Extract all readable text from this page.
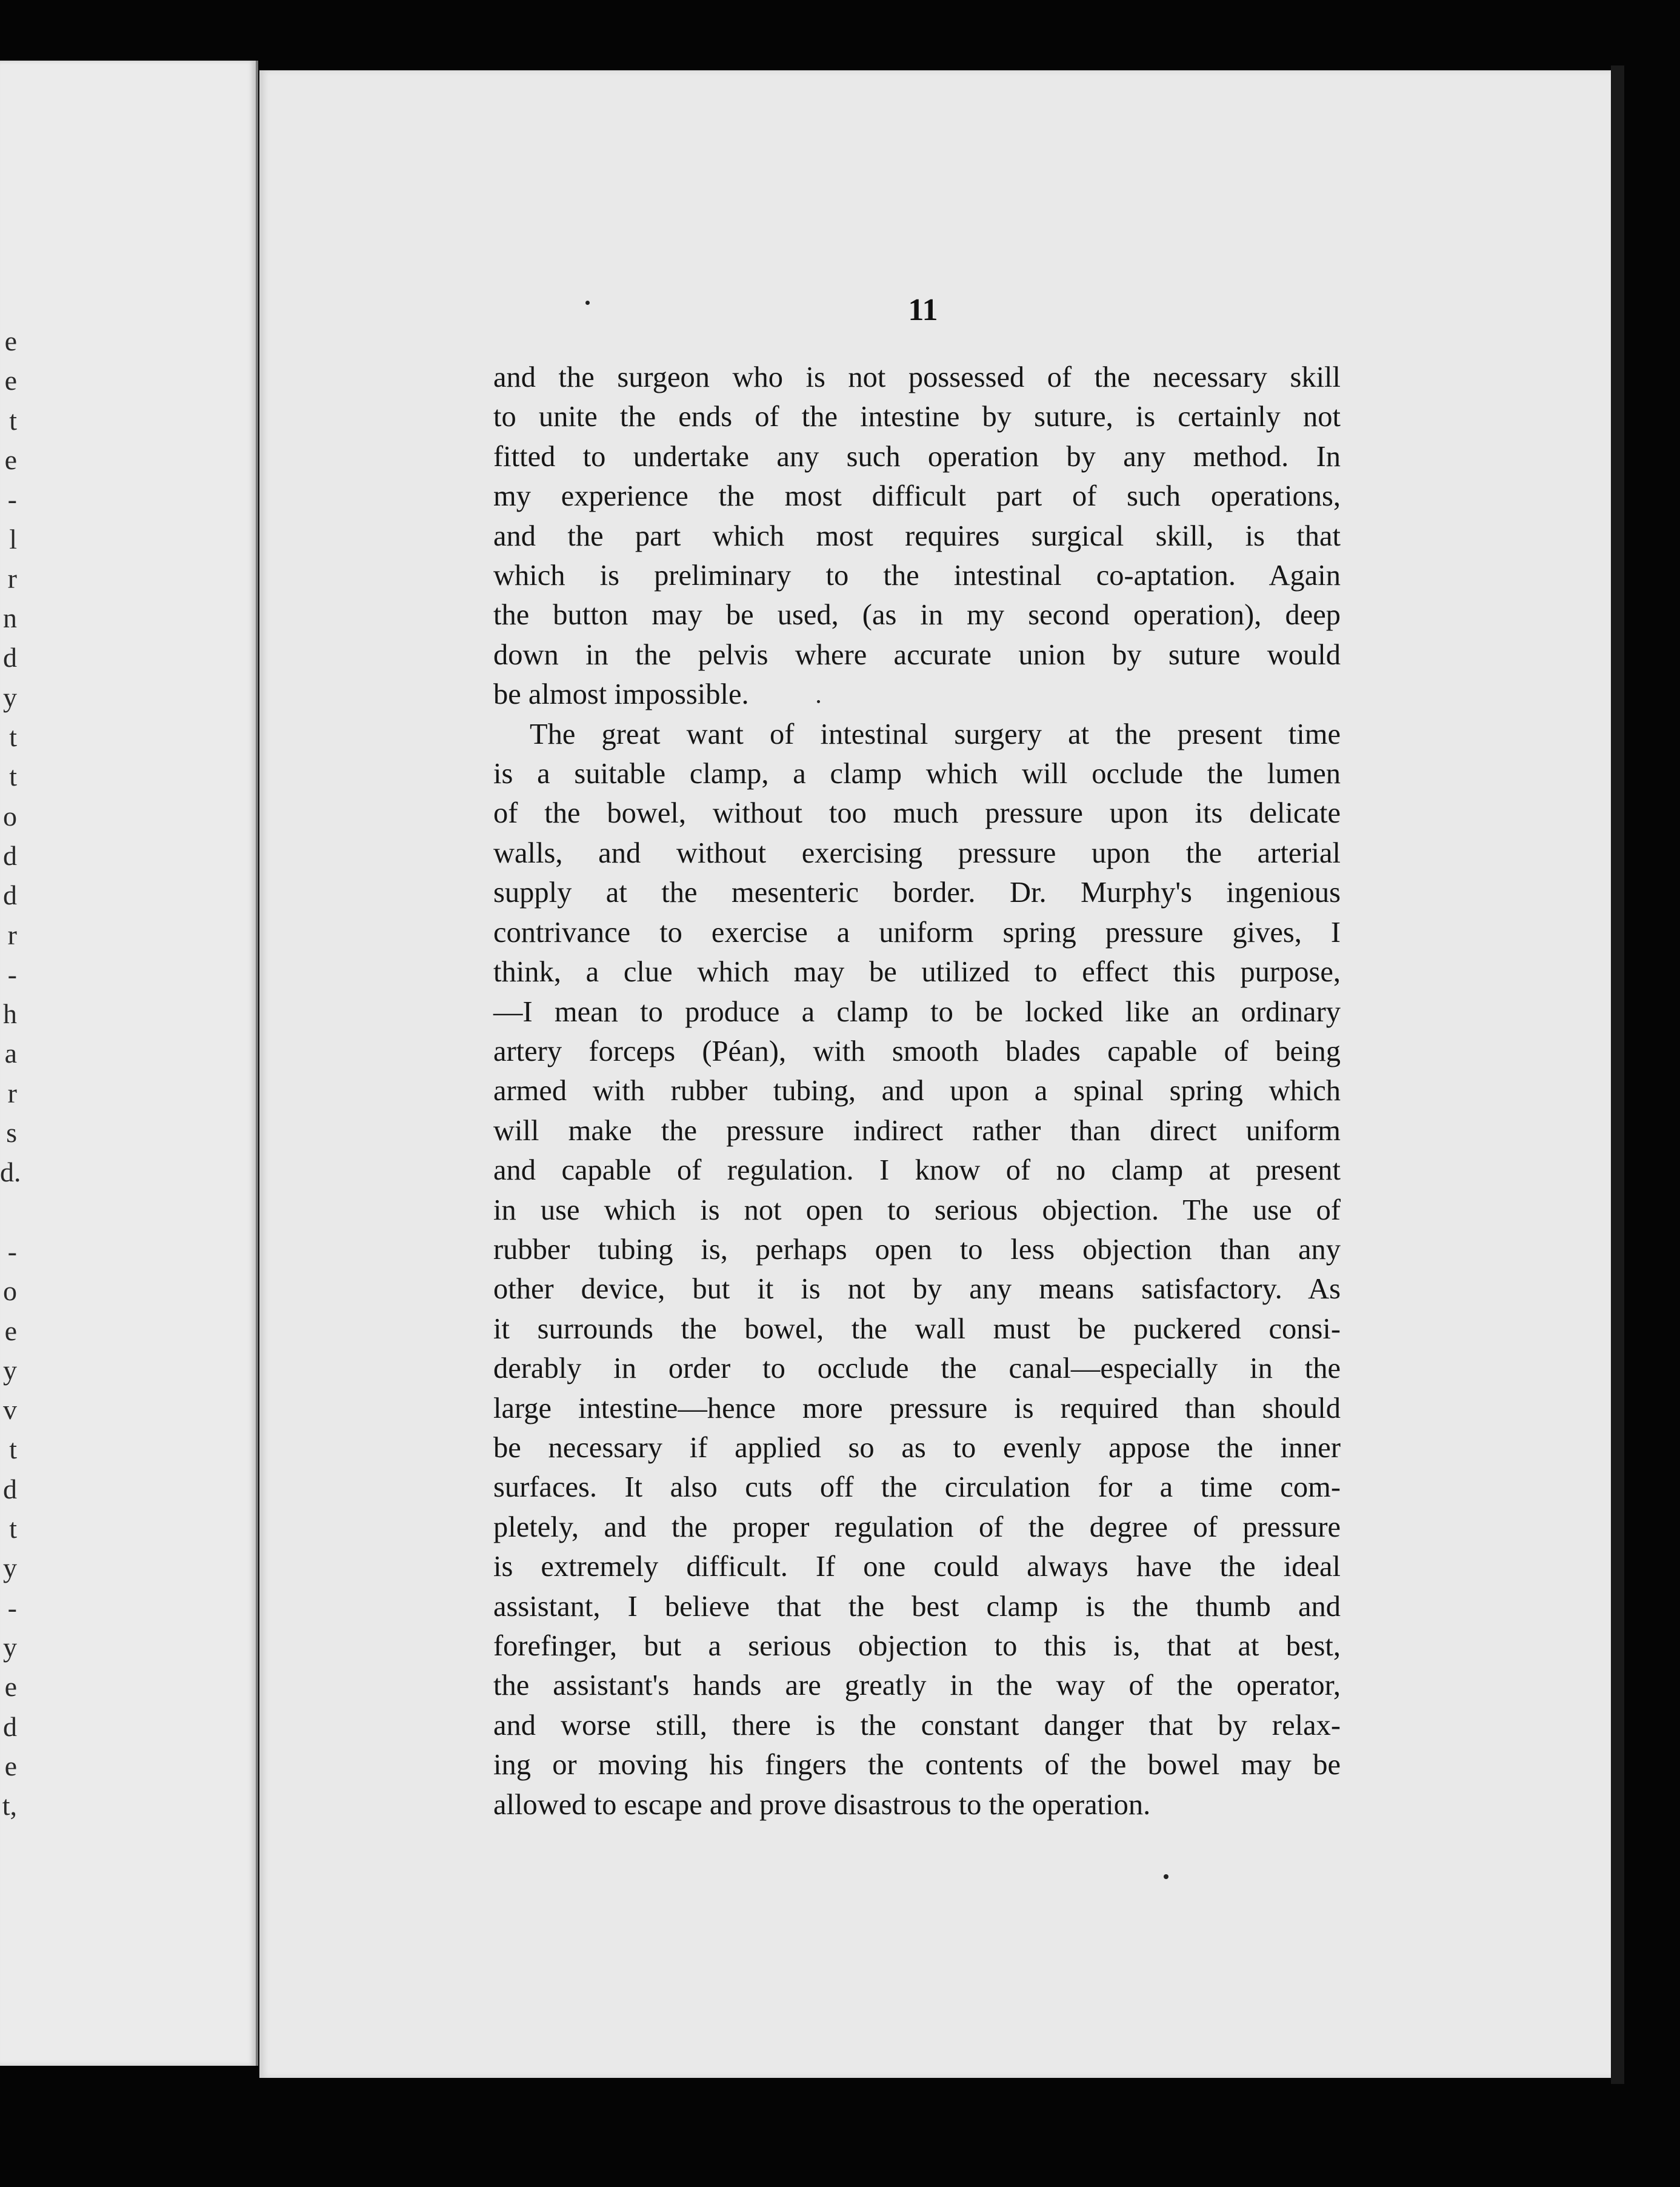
e
e
t
e
-
l
r
n
d
y
t
t
o
d
d
r
-
h
a
r
s
d.
-
o
e
y
v
t
d
t
y
-
y
e
d
e
t,
11
and the surgeon who is not possessed of the necessary skill
to unite the ends of the intestine by suture, is certainly not
fitted to undertake any such operation by any method. In
my experience the most difficult part of such operations,
and the part which most requires surgical skill, is that
which is preliminary to the intestinal co-aptation. Again
the button may be used, (as in my second operation), deep
down in the pelvis where accurate union by suture would
be almost impossible.
The great want of intestinal surgery at the present time
is a suitable clamp, a clamp which will occlude the lumen
of the bowel, without too much pressure upon its delicate
walls, and without exercising pressure upon the arterial
supply at the mesenteric border. Dr. Murphy's ingenious
contrivance to exercise a uniform spring pressure gives, I
think, a clue which may be utilized to effect this purpose,
—I mean to produce a clamp to be locked like an ordinary
artery forceps (Péan), with smooth blades capable of being
armed with rubber tubing, and upon a spinal spring which
will make the pressure indirect rather than direct uniform
and capable of regulation. I know of no clamp at present
in use which is not open to serious objection. The use of
rubber tubing is, perhaps open to less objection than any
other device, but it is not by any means satisfactory. As
it surrounds the bowel, the wall must be puckered consi-
derably in order to occlude the canal—especially in the
large intestine—hence more pressure is required than should
be necessary if applied so as to evenly appose the inner
surfaces. It also cuts off the circulation for a time com-
pletely, and the proper regulation of the degree of pressure
is extremely difficult. If one could always have the ideal
assistant, I believe that the best clamp is the thumb and
forefinger, but a serious objection to this is, that at best,
the assistant's hands are greatly in the way of the operator,
and worse still, there is the constant danger that by relax-
ing or moving his fingers the contents of the bowel may be
allowed to escape and prove disastrous to the operation.
